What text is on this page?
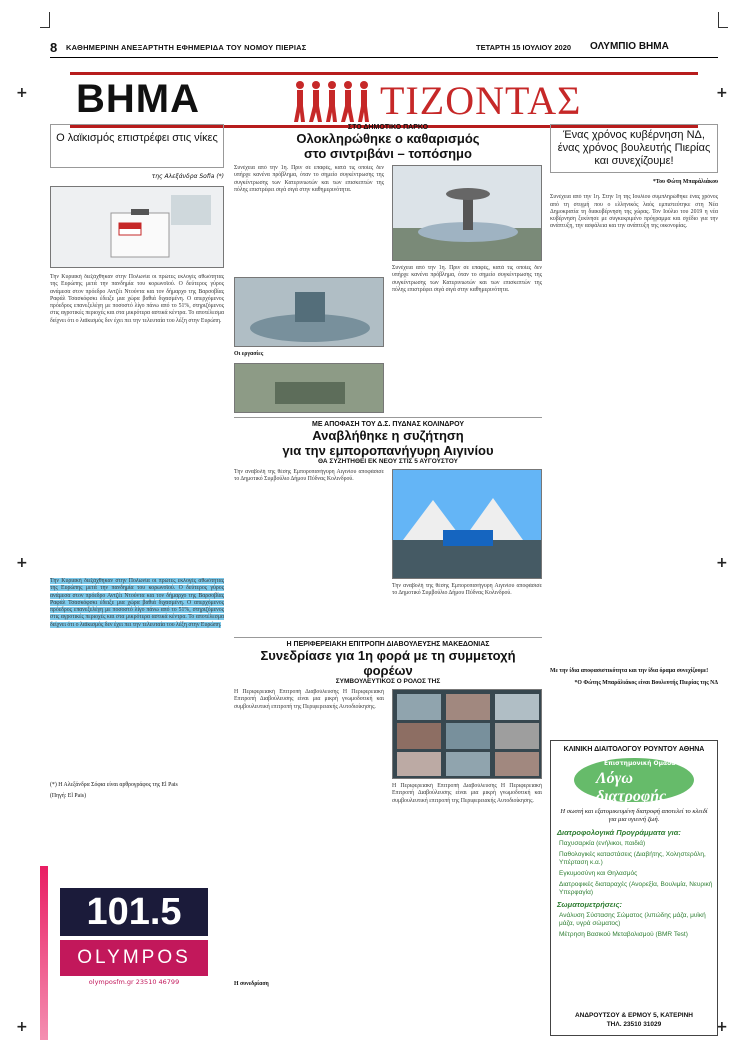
+	+
+	+
+	+
8 ΚΑΘΗΜΕΡΙΝΗ ΑΝΕΞΑΡΤΗΤΗ ΕΦΗΜΕΡΙΔΑ ΤΟΥ ΝΟΜΟΥ ΠΙΕΡΙΑΣ	ΤΕΤΑΡΤΗ 15 ΙΟΥΛΙΟΥ 2020 ΟΛΥΜΠΙΟ ΒΗΜΑ
ΒΗΜΑ	ΤΙΖΟΝΤΑΣ
Ο λαϊκισμός επιστρέφει στις νίκες
της Αλεξάνδρα Sofia (*)
Την Κυριακή διεξάχθηκαν στην Πολωνία οι πρώτες εκλογές αθωότητας της Ευρώπης μετά την πανδημία του κορωνοϊού. Ο δεύτερος γύρος ανάμεσα στον πρόεδρο Αντζέι Ντούντα και τον δήμαρχο της Βαρσοβίας Ραφάλ Τσασκόφσκι έδειξε μια χώρα βαθιά διχασμένη. Ο απερχόμενος πρόεδρος επανεξελέγη με ποσοστό λίγο πάνω από το 51%, στηριζόμενος στις αγροτικές περιοχές και στα μικρότερα αστικά κέντρα. Το αποτέλεσμα δείχνει ότι ο λαϊκισμός δεν έχει πει την τελευταία του λέξη στην Ευρώπη.
Την Κυριακή διεξάχθηκαν στην Πολωνία οι πρώτες εκλογές αθωότητας της Ευρώπης μετά την πανδημία του κορωνοϊού. Ο δεύτερος γύρος ανάμεσα στον πρόεδρο Αντζέι Ντούντα και τον δήμαρχο της Βαρσοβίας Ραφάλ Τσασκόφσκι έδειξε μια χώρα βαθιά διχασμένη. Ο απερχόμενος πρόεδρος επανεξελέγη με ποσοστό λίγο πάνω από το 51%, στηριζόμενος στις αγροτικές περιοχές και στα μικρότερα αστικά κέντρα. Το αποτέλεσμα δείχνει ότι ο λαϊκισμός δεν έχει πει την τελευταία του λέξη στην Ευρώπη.
(*) Η Αλεξάνδρα Σόφια είναι αρθρογράφος της El Pais
(Πηγή: El Pais)
101.5
OLYMPOS
olymposfm.gr 23510 46799
ΣΤΟ ΔΗΜΟΤΙΚΟ ΠΑΡΚΟ
Ολοκληρώθηκε ο καθαρισμός
στο σιντριβάνι – τοπόσημο
Συνέχεια από την 1η. Πριν σε επαφές, κατά τις οποίες δεν υπήρχε κανένα πρόβλημα, όταν το σημείο συγκέντρωσης της συγκέντρωσης των Κατερινιωτών και των επισκεπτών της πόλης επιστρέφει σιγά σιγά στην καθημερινότητα.
Οι εργασίες
Συνέχεια από την 1η. Πριν σε επαφές, κατά τις οποίες δεν υπήρχε κανένα πρόβλημα, όταν το σημείο συγκέντρωσης της συγκέντρωσης των Κατερινιωτών και των επισκεπτών της πόλης επιστρέφει σιγά σιγά στην καθημερινότητα.
ΜΕ ΑΠΟΦΑΣΗ ΤΟΥ Δ.Σ. ΠΥΔΝΑΣ ΚΟΛΙΝΔΡΟΥ
Αναβλήθηκε η συζήτηση
για την εμποροπανήγυρη Αιγινίου
ΘΑ ΣΥΖΗΤΗΘΕΙ ΕΚ ΝΕΟΥ ΣΤΙΣ 5 ΑΥΓΟΥΣΤΟΥ
Την αναβολή της θέσης Εμποροπανήγυρη Αιγινίου αποφάσισε το Δημοτικό Συμβούλιο Δήμου Πύδνας Κολινδρού.
Την αναβολή της θέσης Εμποροπανήγυρη Αιγινίου αποφάσισε το Δημοτικό Συμβούλιο Δήμου Πύδνας Κολινδρού.
Η ΠΕΡΙΦΕΡΕΙΑΚΗ ΕΠΙΤΡΟΠΗ ΔΙΑΒΟΥΛΕΥΣΗΣ ΜΑΚΕΔΟΝΙΑΣ
Συνεδρίασε για 1η φορά με τη συμμετοχή φορέων
ΣΥΜΒΟΥΛΕΥΤΙΚΟΣ Ο ΡΟΛΟΣ ΤΗΣ
Η Περιφερειακή Επιτροπή Διαβούλευσης Η Περιφερειακή Επιτροπή Διαβούλευσης είναι μια μικρή γνωμοδοτική και συμβουλευτική επιτροπή της Περιφερειακής Αυτοδιοίκησης.
Η Περιφερειακή Επιτροπή Διαβούλευσης Η Περιφερειακή Επιτροπή Διαβούλευσης είναι μια μικρή γνωμοδοτική και συμβουλευτική επιτροπή της Περιφερειακής Αυτοδιοίκησης.
Η συνεδρίαση
Ένας χρόνος κυβέρνηση ΝΔ, ένας χρόνος βουλευτής Πιερίας και συνεχίζουμε!
*Του Φώτη Μπαράλιάκου
Συνέχεια από την 1η. Στην 1η της Ιουλίου συμπληρώθηκε ένας χρόνος από τη στιγμή που ο ελληνικός λαός εμπιστεύτηκε στη Νέα Δημοκρατία τη διακυβέρνηση της χώρας. Τον Ιούλιο του 2019 η νέα κυβέρνηση ξεκίνησε με συγκεκριμένο πρόγραμμα και σχέδιο για την ανάπτυξη, την ασφάλεια και την ανάπτυξη της οικονομίας.
Με την ίδια αποφασιστικότητα και την ίδια όραμα συνεχίζουμε!
*Ο Φώτης Μπαράλιάκος είναι Βουλευτής Πιερίας της ΝΔ
ΚΛΙΝΙΚΗ ΔΙΑΙΤΟΛΟΓΟΥ ΡΟΥΝΤΟΥ ΑΘΗΝΑ
Επιστημονική Ομάδα
Λόγω διατροφής
Η σωστή και εξατομικευμένη διατροφή αποτελεί το κλειδί για μια υγιεινή ζωή.
Διατροφολογικά Προγράμματα για:
Παχυσαρκία (ενήλικοι, παιδιά)
Παθολογικές καταστάσεις (Διαβήτης, Χοληστερόλη, Υπέρταση κ.α.)
Εγκυμοσύνη και Θηλασμός
Διατροφικές διαταραχές (Ανορεξία, Βουλιμία, Νευρική Υπερφαγία)
Σωματομετρήσεις:
Ανάλυση Σύστασης Σώματος (λιπώδης μάζα, μυϊκή μάζα, υγρά σώματος)
Μέτρηση Βασικού Μεταβολισμού (BMR Test)
ΑΝΔΡΟΥΤΣΟΥ & ΕΡΜΟΥ 5, ΚΑΤΕΡΙΝΗ
ΤΗΛ. 23510 31029
